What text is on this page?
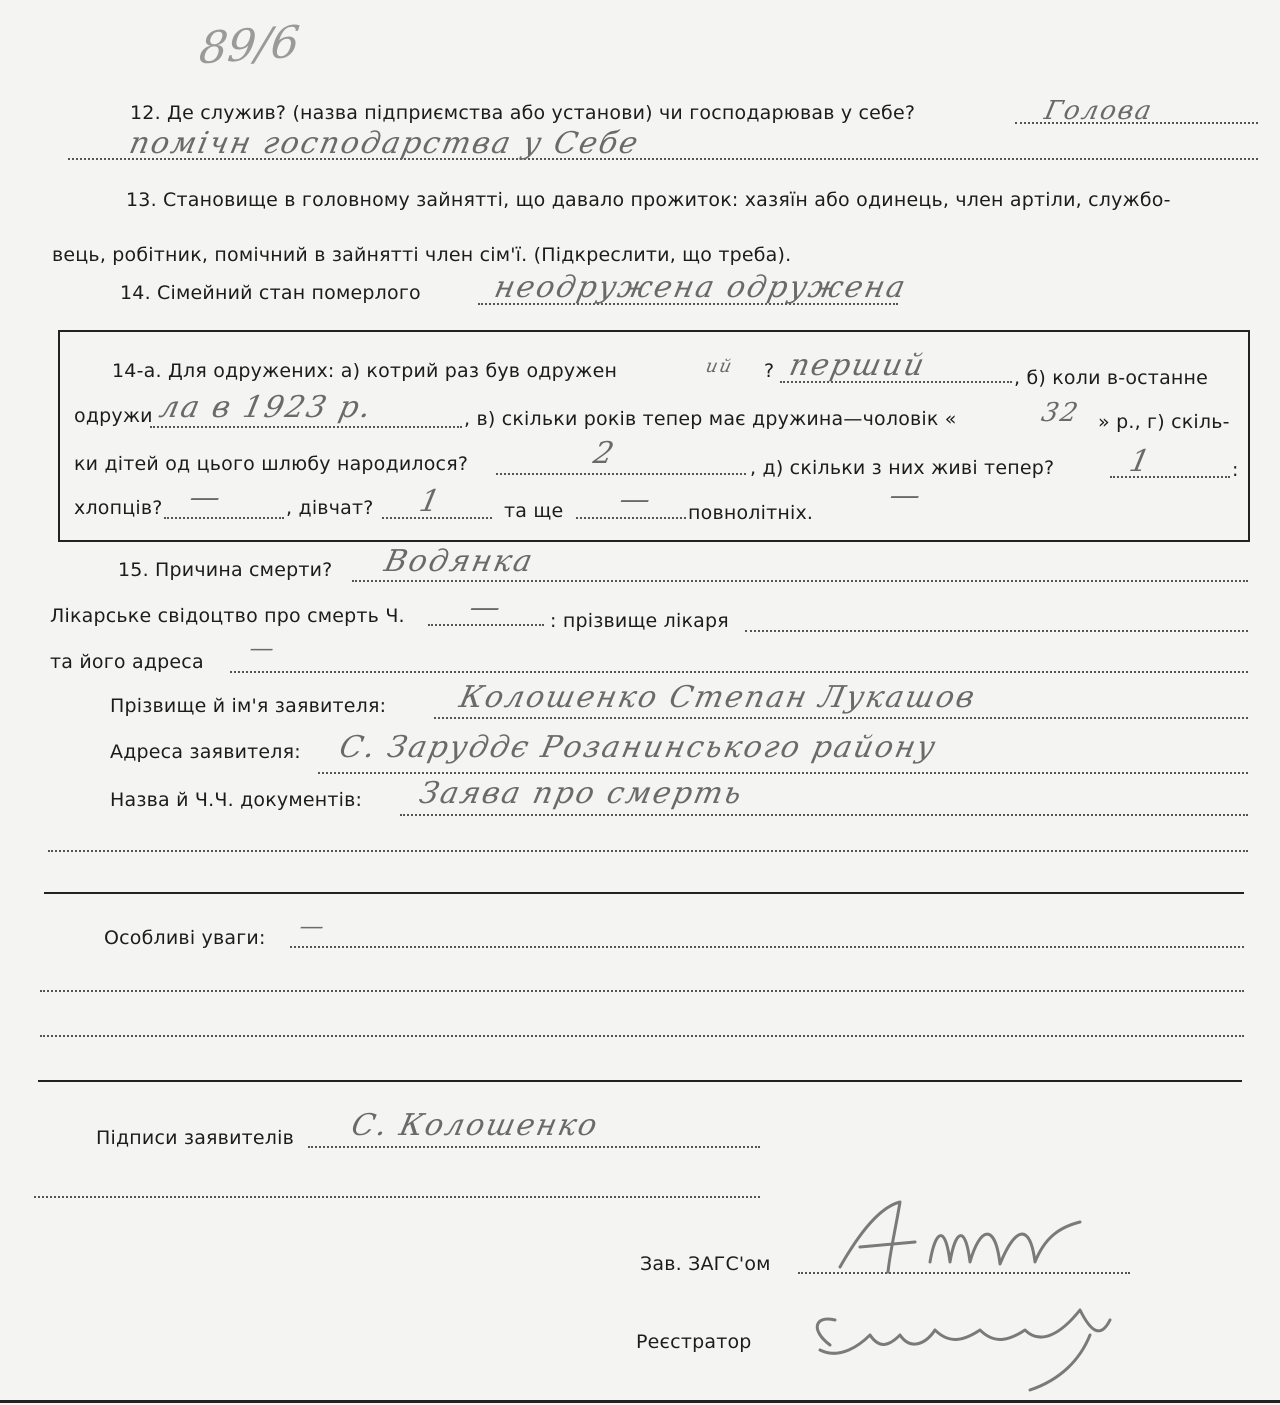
89/6
12. Де служив? (назва підприємства або установи) чи господарював у себе?	Голова
помічн господарства у Себе
13. Становище в головному зайнятті, що давало прожиток: хазяїн або одинець, член артіли, службо-
вець, робітник, помічний в зайнятті член сім'ї. (Підкреслити, що треба).
14. Сімейний стан померлого неодружена одружена
14-а. Для одружених: а) котрий раз був одружен	ий ? перший	, б) коли в-останне
одружи ла в 1923 р.	, в) скільки років тепер має дружина—чоловік «	32 » р., г) скіль-
ки дітей од цього шлюбу народилося?	2	, д) скільки з них живі тепер? 1	:
хлопців? —	, дівчат? 1	та ще — повнолітніх. —
15. Причина смерти? Водянка
Лікарське свідоцтво про смерть Ч. — : прізвище лікаря
та його адреса —
Прізвище й ім'я заявителя: Колошенко Степан Лукашов
Адреса заявителя: С. Заруддє Розанинського району
Назва й Ч.Ч. документів: Заява про смерть
Особливі уваги: —
Підписи заявителів С. Колошенко
Зав. ЗАГС'ом
Реєстратор
